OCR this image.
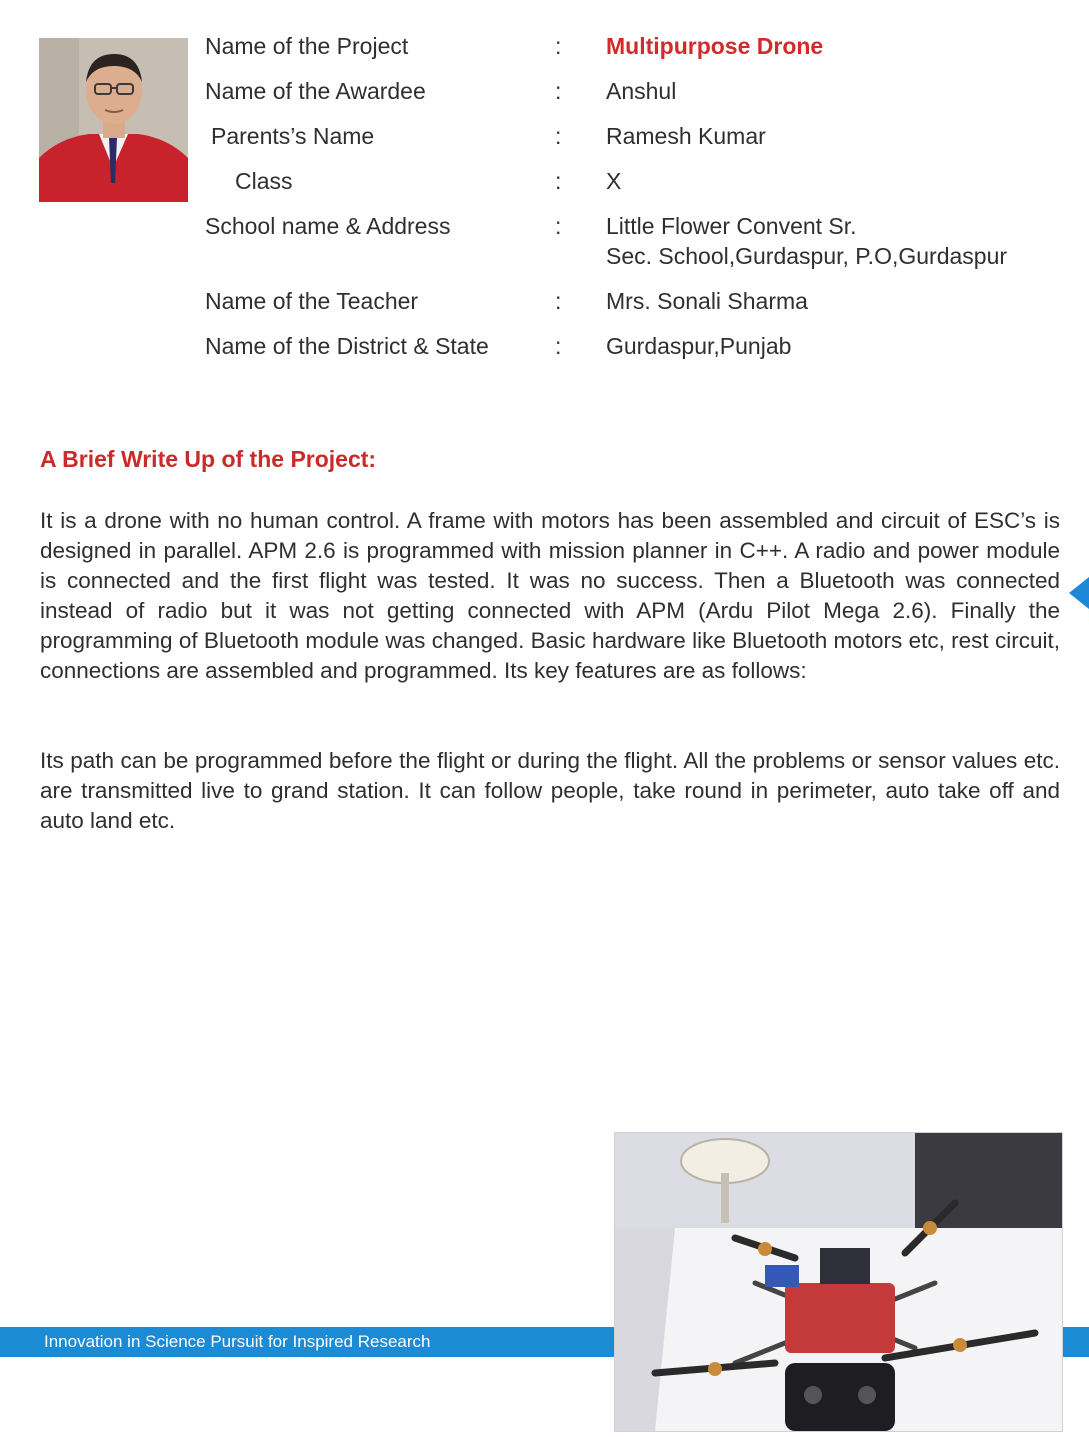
Name of the Project	: Multipurpose Drone
Name of the Awardee	: Anshul
Parents’s Name	: Ramesh Kumar
Class	: X
School name & Address	: Little Flower Convent Sr.
Sec. School,Gurdaspur, P.O,Gurdaspur
Name of the Teacher	: Mrs. Sonali Sharma
Name of the District & State	: Gurdaspur,Punjab
A Brief Write Up of the Project:

It is a drone with no human control. A frame with motors has been assembled and circuit of ESC’s is designed in parallel. APM 2.6 is programmed with mission planner in C++. A radio and power module is connected and the first flight was tested. It was no success. Then a Bluetooth was connected instead of radio but it was not getting connected with APM (Ardu Pilot Mega 2.6). Finally the programming of Bluetooth module was changed. Basic hardware like Bluetooth motors etc, rest circuit, connections are assembled and programmed. Its key features are as follows:

Its path can be programmed before the flight or during the flight. All the problems or sensor values etc. are transmitted live to grand station. It can follow people, take round in perimeter, auto take off and auto land etc.

Innovation in Science Pursuit for Inspired Research
